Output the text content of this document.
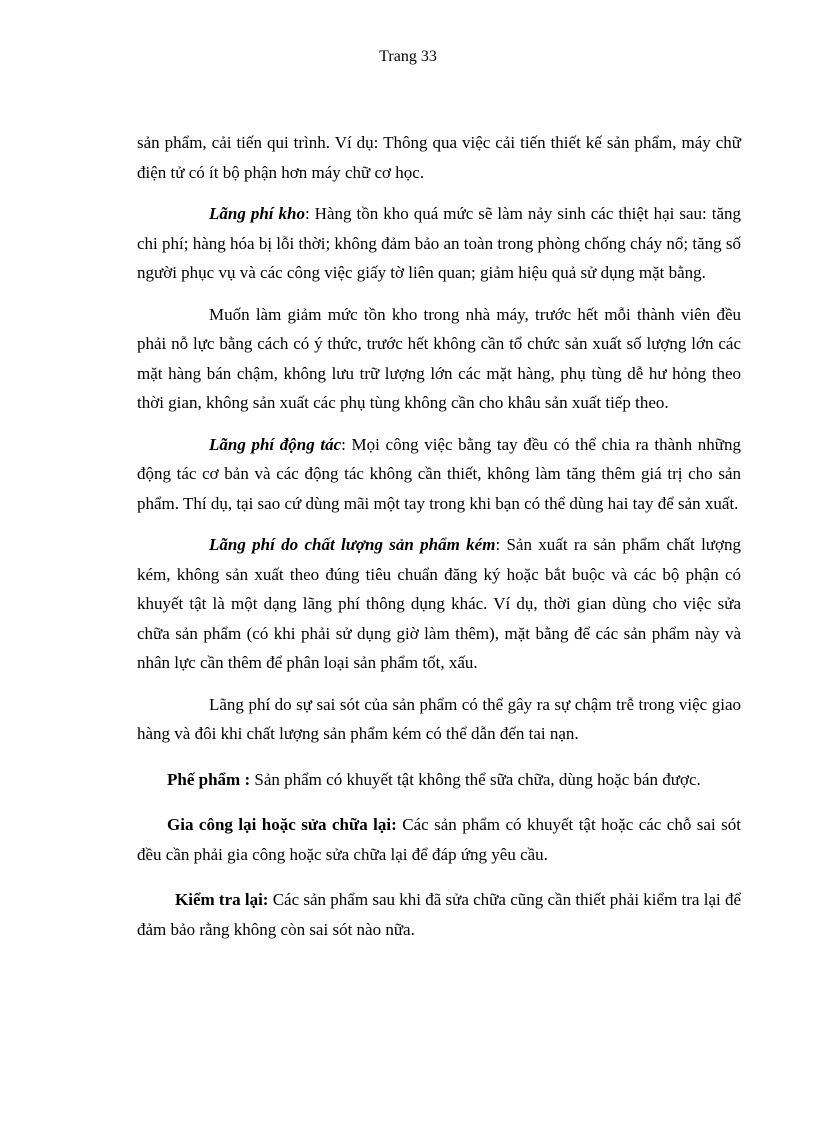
Trang 33

sản phẩm, cải tiến qui trình. Ví dụ: Thông qua việc cải tiến thiết kế sản phẩm, máy chữ điện tử có ít bộ phận hơn máy chữ cơ học.

Lãng phí kho: Hàng tồn kho quá mức sẽ làm nảy sinh các thiệt hại sau: tăng chi phí; hàng hóa bị lỗi thời; không đảm bảo an toàn trong phòng chống cháy nổ; tăng số người phục vụ và các công việc giấy tờ liên quan; giảm hiệu quả sử dụng mặt bằng.

Muốn làm giảm mức tồn kho trong nhà máy, trước hết mỗi thành viên đều phải nỗ lực bằng cách có ý thức, trước hết không cần tổ chức sản xuất số lượng lớn các mặt hàng bán chậm, không lưu trữ lượng lớn các mặt hàng, phụ tùng dễ hư hỏng theo thời gian, không sản xuất các phụ tùng không cần cho khâu sản xuất tiếp theo.

Lãng phí động tác: Mọi công việc bằng tay đều có thể chia ra thành những động tác cơ bản và các động tác không cần thiết, không làm tăng thêm giá trị cho sản phẩm. Thí dụ, tại sao cứ dùng mãi một tay trong khi bạn có thể dùng hai tay để sản xuất.

Lãng phí do chất lượng sản phẩm kém: Sản xuất ra sản phẩm chất lượng kém, không sản xuất theo đúng tiêu chuẩn đăng ký hoặc bắt buộc và các bộ phận có khuyết tật là một dạng lãng phí thông dụng khác. Ví dụ, thời gian dùng cho việc sửa chữa sản phẩm (có khi phải sử dụng giờ làm thêm), mặt bằng để các sản phẩm này và nhân lực cần thêm để phân loại sản phẩm tốt, xấu.

Lãng phí do sự sai sót của sản phẩm có thể gây ra sự chậm trễ trong việc giao hàng và đôi khi chất lượng sản phẩm kém có thể dẫn đến tai nạn.

Phế phẩm : Sản phẩm có khuyết tật không thể sữa chữa, dùng hoặc bán được.

Gia công lại hoặc sửa chữa lại: Các sản phẩm có khuyết tật hoặc các chỗ sai sót đều cần phải gia công hoặc sửa chữa lại để đáp ứng yêu cầu.

Kiểm tra lại: Các sản phẩm sau khi đã sửa chữa cũng cần thiết phải kiểm tra lại để đảm bảo rằng không còn sai sót nào nữa.
